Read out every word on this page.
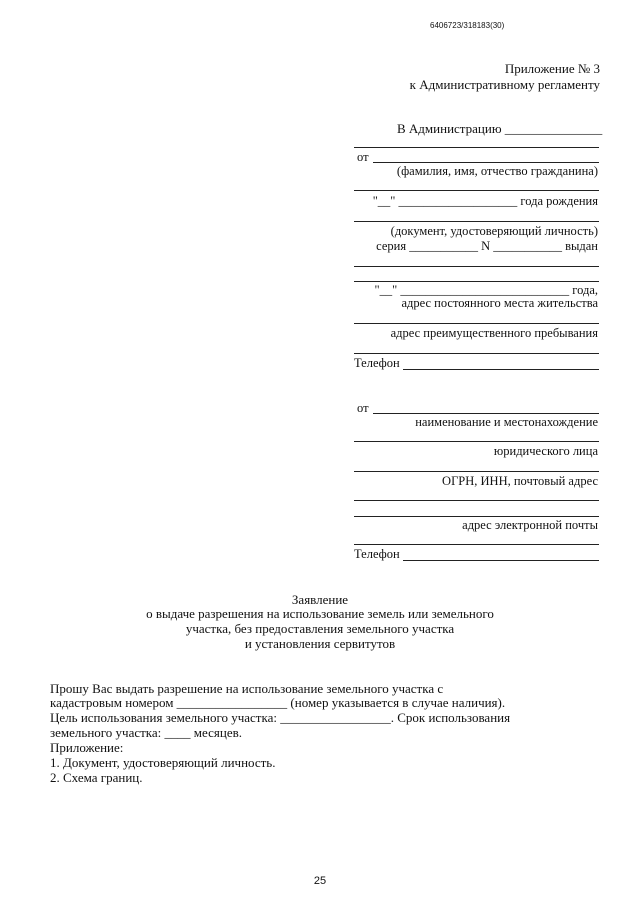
6406723/318183(30)
Приложение № 3
к Административному регламенту
В Администрацию _______________
от
(фамилия, имя, отчество гражданина)
"__" ___________________ года рождения
(документ, удостоверяющий личность)
серия ___________ N ___________ выдан
"__" ___________________________ года,
адрес постоянного места жительства
адрес преимущественного пребывания
Телефон
от
наименование и местонахождение
юридического лица
ОГРН, ИНН, почтовый адрес
адрес электронной почты
Телефон
Заявление
о выдаче разрешения на использование земель или земельного
участка, без предоставления земельного участка
и установления сервитутов
Прошу Вас выдать разрешение на использование земельного участка с
кадастровым номером _________________ (номер указывается в случае наличия).
Цель использования земельного участка: _________________. Срок использования
земельного участка: ____ месяцев.
Приложение:
1. Документ, удостоверяющий личность.
2. Схема границ.
25
